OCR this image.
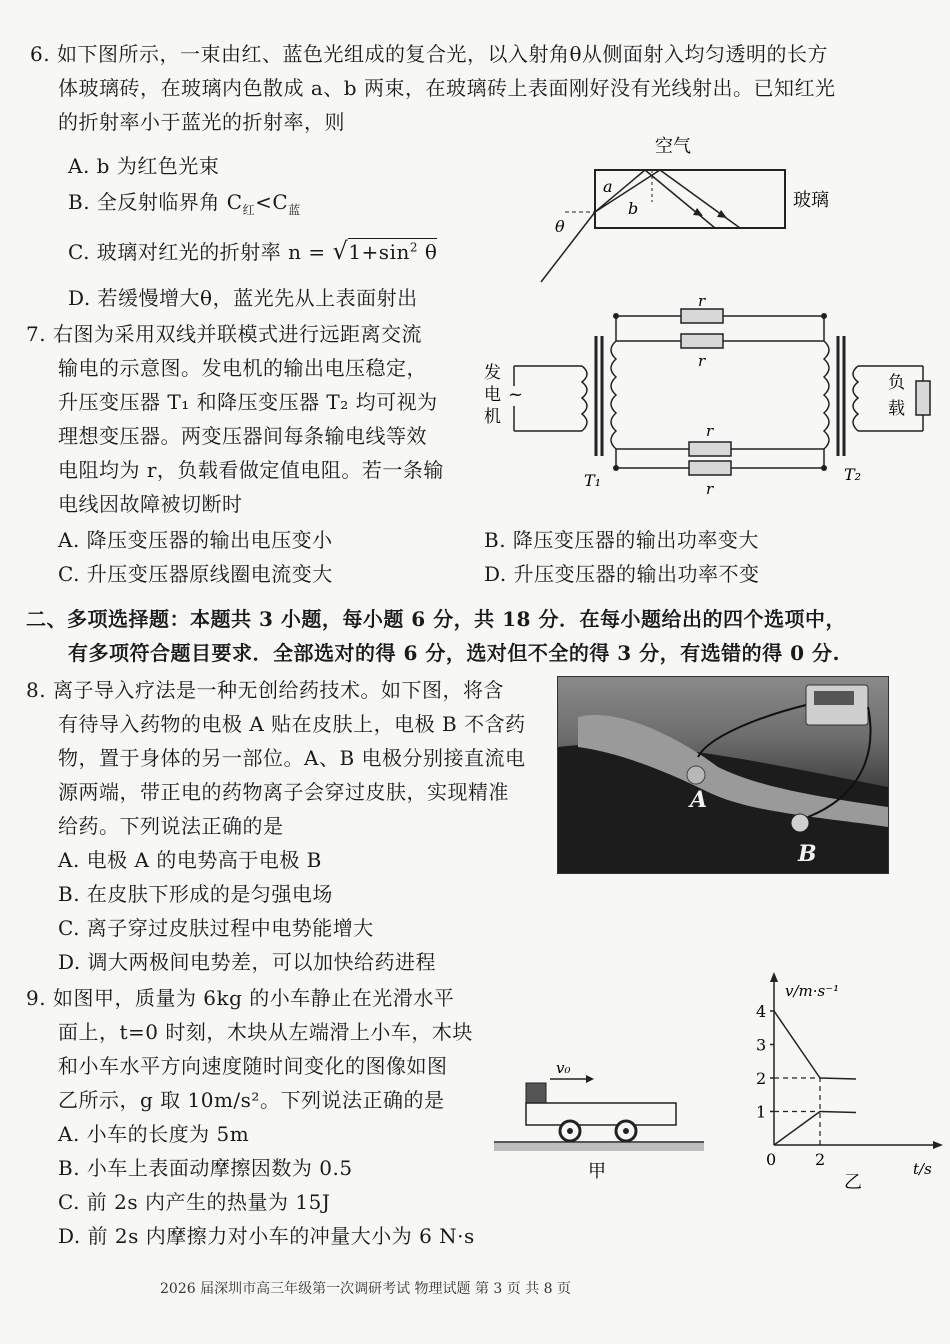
6. 如下图所示，一束由红、蓝色光组成的复合光，以入射角θ从侧面射入均匀透明的长方
体玻璃砖，在玻璃内色散成 a、b 两束，在玻璃砖上表面刚好没有光线射出。已知红光
的折射率小于蓝光的折射率，则
A. b 为红色光束
B. 全反射临界角 $C_红<C_蓝$
C. 玻璃对红光的折射率 $n = √1+\sin^2$ θ
D. 若缓慢增大θ，蓝光先从上表面射出
空气
玻璃
a
b
θ
7. 右图为采用双线并联模式进行远距离交流
输电的示意图。发电机的输出电压稳定，
升压变压器 T₁ 和降压变压器 T₂ 均可视为
理想变压器。两变压器间每条输电线等效
电阻均为 r，负载看做定值电阻。若一条输
电线因故障被切断时
A. 降压变压器的输出电压变小	B. 降压变压器的输出功率变大
C. 升压变压器原线圈电流变大	D. 升压变压器的输出功率不变
发
电
机
~
r
r
r
r
负
载
T₁	T₂
二、多项选择题：本题共 3 小题，每小题 6 分，共 18 分．在每小题给出的四个选项中，
有多项符合题目要求．全部选对的得 6 分，选对但不全的得 3 分，有选错的得 0 分.
8. 离子导入疗法是一种无创给药技术。如下图，将含
有待导入药物的电极 A 贴在皮肤上，电极 B 不含药
物，置于身体的另一部位。A、B 电极分别接直流电
源两端，带正电的药物离子会穿过皮肤，实现精准
给药。下列说法正确的是
A. 电极 A 的电势高于电极 B
B. 在皮肤下形成的是匀强电场
C. 离子穿过皮肤过程中电势能增大
D. 调大两极间电势差，可以加快给药进程
A
B
9. 如图甲，质量为 6kg 的小车静止在光滑水平
面上，t=0 时刻，木块从左端滑上小车，木块
和小车水平方向速度随时间变化的图像如图
乙所示，g 取 10m/s²。下列说法正确的是
A. 小车的长度为 5m
B. 小车上表面动摩擦因数为 0.5
C. 前 2s 内产生的热量为 15J
D. 前 2s 内摩擦力对小车的冲量大小为 6 N·s
v₀
甲
v/m·s⁻¹
t/s
乙
1
2
3
4
0 2
2026 届深圳市高三年级第一次调研考试 物理试题 第 3 页 共 8 页
